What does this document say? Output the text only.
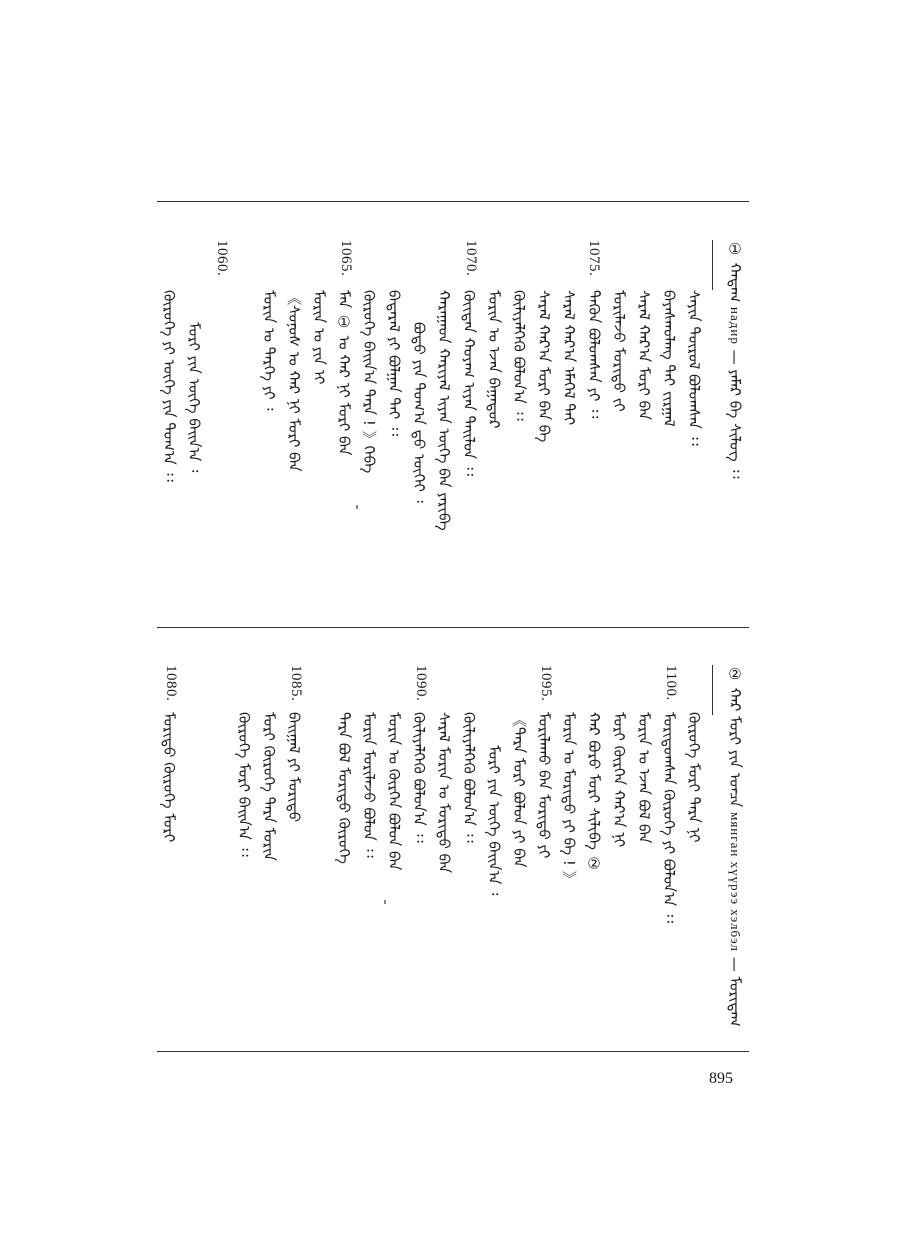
① ᠬᠠᠳ᠋ᠠᠭ надир — ᠶᠠᠮᠠᠷ ᠪᠡ ᠰᠢᠯᠦᠭ ᠄᠄
1075.
1070.
1065.
1060.
ᠰᠠᠶᠢᠨ ᠲᠦᠷᠦᠯ ᠪᠣᠯᠤᠭᠰᠠᠨ ᠄᠄
ᠪᠠᠶᠠᠰᠬᠤᠯᠠᠩ ᠲᠠᠢ ᠵᠢᠷᠭᠠᠯ
ᠰᠠᠷᠠᠯ ᠬᠠᠷ᠎ᠠ ᠮᠣᠷᠢ ᠪᠠᠨ
ᠮᠣᠷᠢᠯᠠᠵᠤ ᠮᠣᠷᠢᠳᠤ ᠵᠢ
ᠲᠡᠭᠦᠨ ᠪᠣᠯᠤᠭᠰᠠᠨ ᠶᠢ ᠄᠄
ᠰᠠᠷᠠᠯ ᠬᠠᠷ᠎ᠠ ᠡᠮᠡᠭᠡᠯ ᠲᠡᠢ
ᠰᠠᠷᠠᠯ ᠬᠠᠷ᠎ᠠ ᠮᠣᠷᠢ ᠪᠠᠨ ᠪᠡ
ᠬᠦᠯᠢᠶᠡᠯᠭᠡᠬᠦ ᠪᠣᠯᠤᠨ᠎ᠠ ᠄᠄
ᠮᠣᠷᠢᠨ ᠤ ᠡᠵᠡᠨ ᠪᠠᠭᠠᠲᠤᠷ
ᠬᠦᠢᠲᠡᠨ ᠬᠤᠶᠠᠭ ᠢᠶᠠᠨ ᠲᠠᠢᠯᠤᠨ ᠄᠄
ᠬᠠᠷᠠᠭᠠᠳ ᠬᠠᠷᠢᠶᠠᠯ ᠢᠶᠠᠨ ᠦᠭᠡ ᠪᠠᠨ ᠶᠠᠷᠢᠪᠠ
ᠪᠣᠳᠣ ᠶᠢᠨ ᠲᠣᠭ᠎ᠠ ᠳ᠋ᠤ ᠦᠭᠡᠢ ᠄
ᠪᠠᠳᠠᠷᠠᠯ ᠶᠢ ᠪᠣᠯᠭᠠᠨ ᠲᠠᠢ ᠄᠄
ᠬᠦᠷᠦᠭᠡ ᠪᠠᠢᠨ᠎ᠠ ᠲᠡᠷᠡ ! 》ᠭᠡᠪᠡ
ᠮᠠᠨ ① ᠤ ᠬᠠᠷ ᠨᠢ ᠮᠣᠷᠢ ᠪᠠᠨ
ᠮᠣᠷᠢᠨ ᠤ ᠶᠢᠨ ᠢ
《ᠰᠣᠨᠣᠰ ᠤ ᠬᠠᠷ ᠨᠢ ᠮᠣᠷᠢ ᠪᠡᠨ
ᠮᠣᠷᠢᠨ ᠤ ᠲᠡᠷᠭᠡ ᠶᠢ ᠄
ᠮᠣᠷᠢ ᠶᠢᠨ ᠦᠭᠡ ᠪᠠᠢᠨ᠎ᠠ ᠄
ᠬᠦᠷᠦᠭᠡ ᠶᠢ ᠦᠭᠡ ᠶᠢᠨ ᠲᠣᠭ᠎ᠠ ᠄᠄
② ᠬᠠᠷ ᠮᠣᠷᠢ ᠶᠢᠨ ᠣᠨᠴᠠ мянган хүүрээ хэлбэл — ᠮᠣᠷᠢᠳᠠᠭ
1100.
1095.
1090.
1085.
1080.
ᠬᠦᠷᠦᠭᠡ ᠮᠣᠷᠢ ᠲᠡᠷᠡ ᠨᠢ
ᠮᠣᠷᠢᠳᠤᠭᠰᠠᠨ ᠬᠦᠷᠦᠭᠡ ᠶᠢ ᠪᠣᠯᠤᠨ᠎ᠠ ᠄᠄
ᠮᠣᠷᠢᠨ ᠤ ᠡᠵᠡᠨ ᠪᠣᠯ ᠪᠠᠨ
ᠮᠣᠷᠢ ᠬᠦᠷᠭᠡᠨ ᠬᠠᠷ᠎ᠠ ᠨᠢ
ᠬᠠᠷ ᠪᠣᠷᠣ ᠮᠣᠷᠢ ᠰᠢᠯᠢᠪᠡ ②
ᠮᠣᠷᠢᠨ ᠤ ᠮᠣᠷᠢᠳᠤ ᠶᠢ ᠪᠠ ! 》
ᠮᠣᠷᠢᠯᠠᠬᠤ ᠪᠠᠨ ᠮᠣᠷᠢᠳᠤ ᠶᠢ
《ᠲᠡᠷᠡ ᠮᠣᠷᠢ ᠪᠣᠯᠤᠨ ᠶᠢ ᠪᠡᠨ
ᠮᠣᠷᠢ ᠶᠢᠨ ᠦᠭᠡ ᠪᠠᠢᠨ᠎ᠠ ᠄
ᠬᠦᠯᠢᠶᠡᠯᠭᠡᠬᠦ ᠪᠣᠯᠤᠨ᠎ᠠ ᠄᠄
ᠰᠠᠷᠠᠯ ᠮᠣᠷᠢᠨ ᠤ ᠮᠣᠷᠢᠳᠤ ᠪᠠᠨ
ᠬᠦᠯᠢᠶᠡᠯᠭᠡᠬᠦ ᠪᠣᠯᠤᠨ᠎ᠠ ᠄᠄
ᠮᠣᠷᠢᠨ ᠤ ᠬᠦᠷᠭᠡᠨ ᠪᠣᠯᠤᠨ ᠪᠠᠨ
ᠮᠣᠷᠢᠨ ᠮᠣᠷᠢᠯᠠᠵᠤ ᠪᠣᠯᠤᠨ ᠄᠄
ᠲᠡᠷᠡ ᠪᠣᠯ ᠮᠣᠷᠢᠳᠤ ᠬᠦᠷᠦᠭᠡ
ᠪᠠᠢᠭᠠᠯ ᠶᠢ ᠮᠣᠷᠢᠳᠤ
ᠮᠣᠷᠢ ᠬᠦᠷᠦᠭᠡ ᠲᠡᠷᠡ ᠮᠣᠷᠢᠨ
ᠬᠦᠷᠦᠭᠡ ᠮᠣᠷᠢ ᠪᠠᠢᠨ᠎ᠠ ᠄᠄
ᠮᠣᠷᠢᠳᠤ ᠬᠦᠷᠦᠭᠡ ᠮᠣᠷᠢ
895
